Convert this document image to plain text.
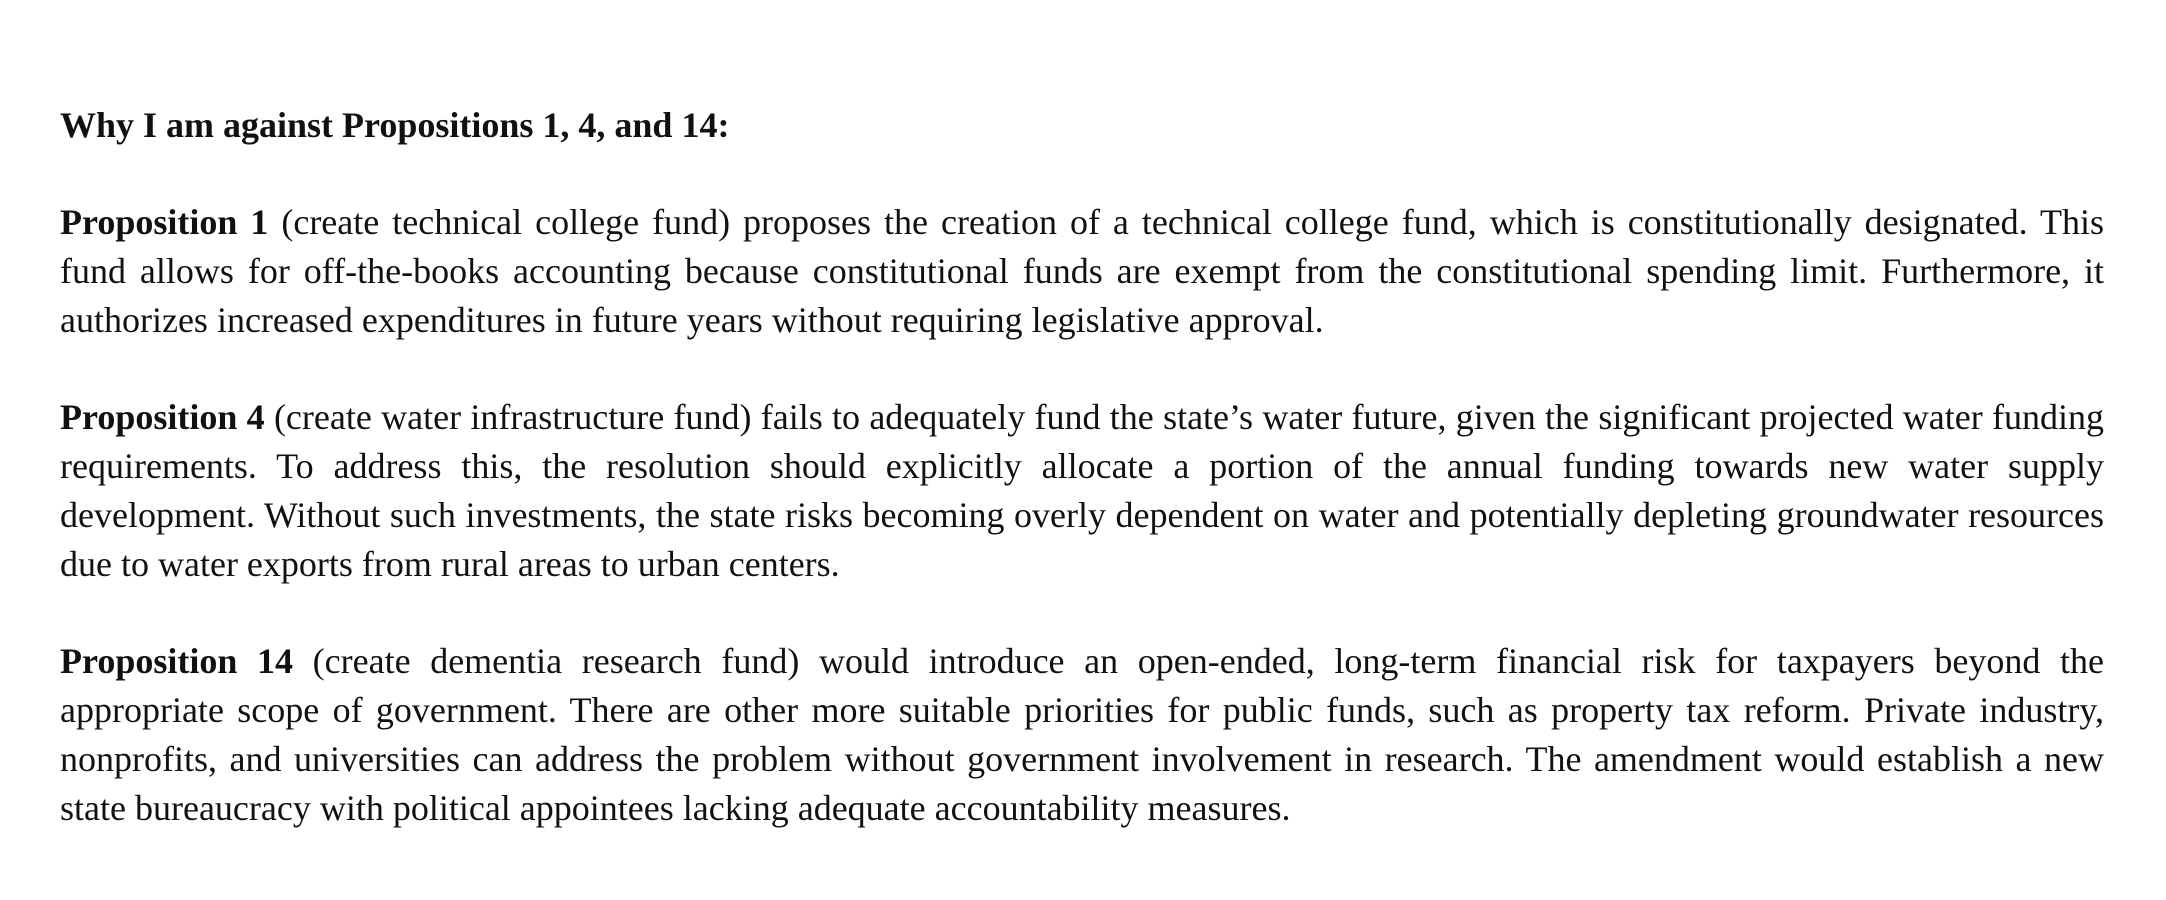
Why I am against Propositions 1, 4, and 14:

Proposition 1 (create technical college fund) proposes the creation of a technical college fund, which is constitutionally designated. This fund allows for off-the-books accounting because constitutional funds are exempt from the constitutional spending limit. Furthermore, it authorizes increased expenditures in future years without requiring legislative approval.

Proposition 4 (create water infrastructure fund) fails to adequately fund the state’s water future, given the significant projected water funding requirements. To address this, the resolution should explicitly allocate a portion of the annual funding towards new water supply development. Without such investments, the state risks becoming overly dependent on water and potentially depleting groundwater resources due to water exports from rural areas to urban centers.

Proposition 14 (create dementia research fund) would introduce an open-ended, long-term financial risk for taxpayers beyond the appropriate scope of government. There are other more suitable priorities for public funds, such as property tax reform. Private industry, nonprofits, and universities can address the problem without government involvement in research. The amendment would establish a new state bureaucracy with political appointees lacking adequate accountability measures.
